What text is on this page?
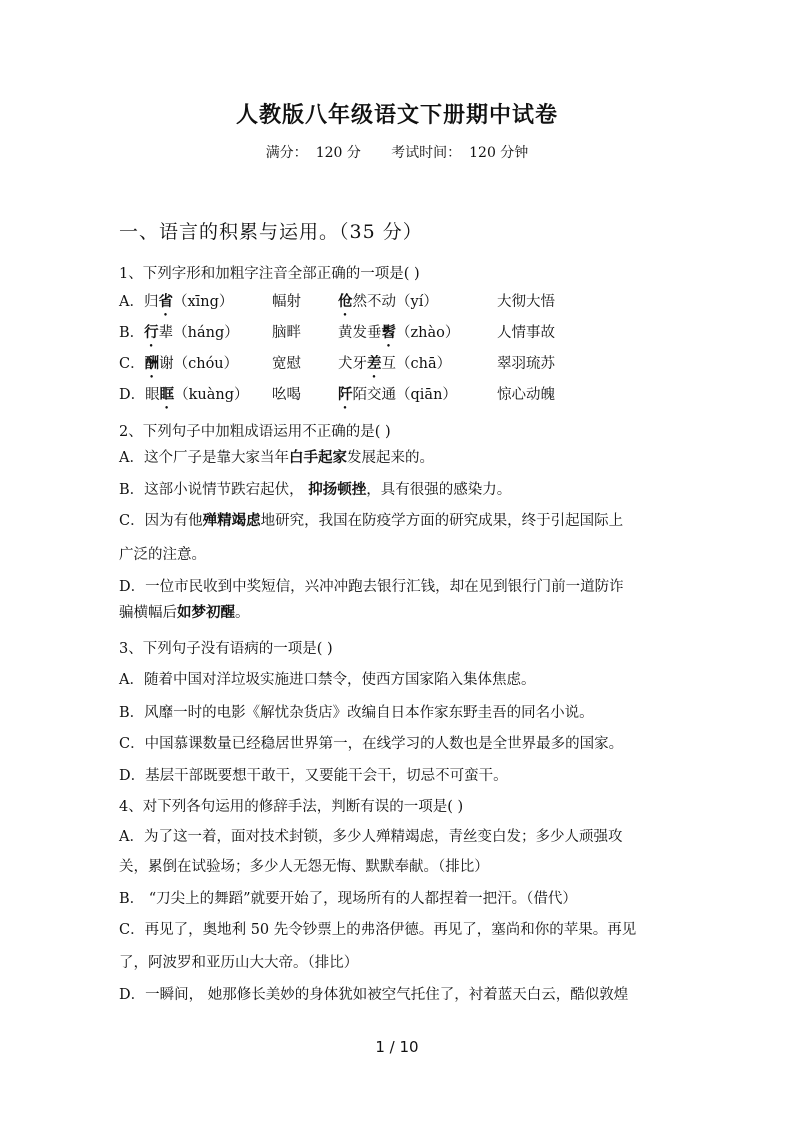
人教版八年级语文下册期中试卷
满分： 120 分 考试时间： 120 分钟
一、语言的积累与运用。（35 分）
1、下列字形和加粗字注音全部正确的一项是( )
A．归省（xīng）	幅射	伧然不动（yí）	大彻大悟
B．行辈（háng） 脑畔	黄发垂髫（zhào）	人情事故
C．酬谢（chóu） 宽慰	犬牙差互（chā）	翠羽琉苏
D．眼眶（kuàng） 吆喝	阡陌交通（qiān）	惊心动魄
2、下列句子中加粗成语运用不正确的是( )
A．这个厂子是靠大家当年白手起家发展起来的。
B．这部小说情节跌宕起伏， 抑扬顿挫，具有很强的感染力。
C．因为有他殚精竭虑地研究，我国在防疫学方面的研究成果，终于引起国际上
广泛的注意。
D．一位市民收到中奖短信，兴冲冲跑去银行汇钱，却在见到银行门前一道防诈
骗横幅后如梦初醒。
3、下列句子没有语病的一项是( )
A．随着中国对洋垃圾实施进口禁令，使西方国家陷入集体焦虑。
B．风靡一时的电影《解忧杂货店》改编自日本作家东野圭吾的同名小说。
C．中国慕课数量已经稳居世界第一，在线学习的人数也是全世界最多的国家。
D．基层干部既要想干敢干，又要能干会干，切忌不可蛮干。
4、对下列各句运用的修辞手法，判断有误的一项是( )
A．为了这一着，面对技术封锁，多少人殚精竭虑，青丝变白发；多少人顽强攻
关，累倒在试验场；多少人无怨无悔、默默奉献。（排比）
B． “刀尖上的舞蹈”就要开始了，现场所有的人都捏着一把汗。（借代）
C．再见了，奥地利 50 先令钞票上的弗洛伊德。再见了，塞尚和你的苹果。再见
了，阿波罗和亚历山大大帝。（排比）
D．一瞬间， 她那修长美妙的身体犹如被空气托住了，衬着蓝天白云，酷似敦煌
1 / 10
